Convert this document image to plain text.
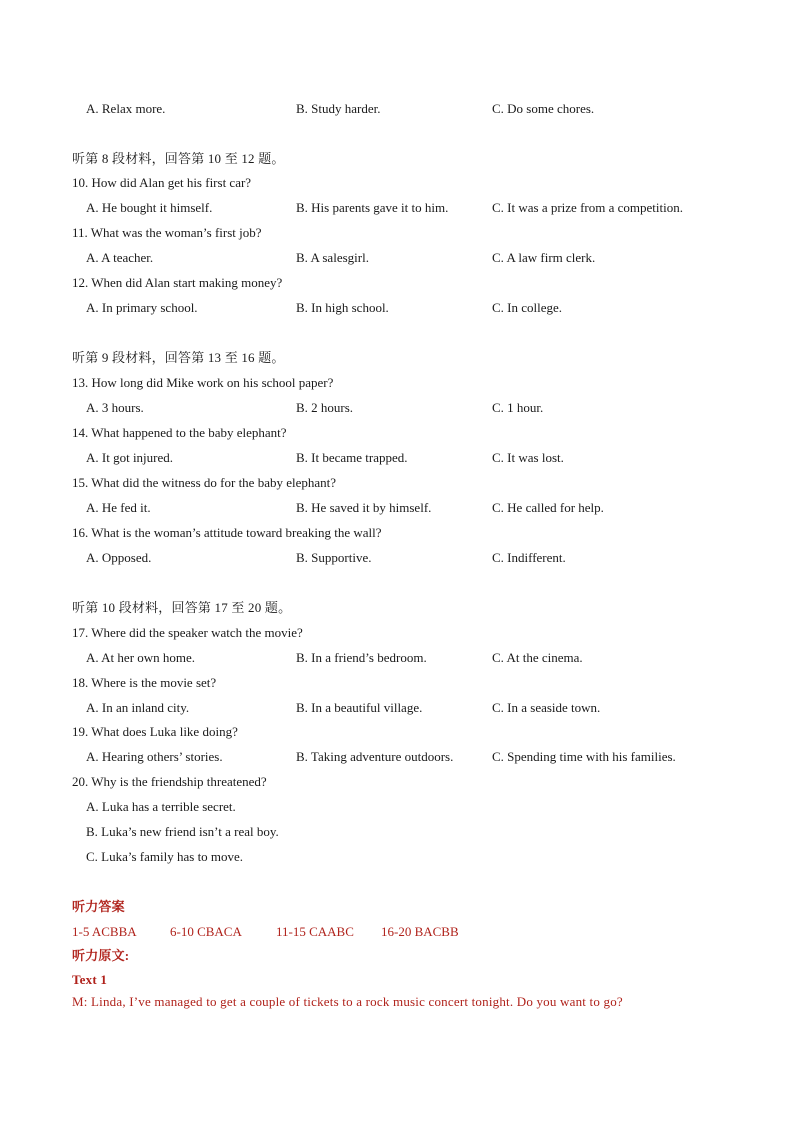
A. Relax more.	B. Study harder.	C. Do some chores.
听第 8 段材料，回答第 10 至 12 题。
10. How did Alan get his first car?
A. He bought it himself.	B. His parents gave it to him.	C. It was a prize from a competition.
11. What was the woman’s first job?
A. A teacher.	B. A salesgirl.	C. A law firm clerk.
12. When did Alan start making money?
A. In primary school.	B. In high school.	C. In college.
听第 9 段材料，回答第 13 至 16 题。
13. How long did Mike work on his school paper?
A. 3 hours.	B. 2 hours.	C. 1 hour.
14. What happened to the baby elephant?
A. It got injured.	B. It became trapped.	C. It was lost.
15. What did the witness do for the baby elephant?
A. He fed it.	B. He saved it by himself.	C. He called for help.
16. What is the woman’s attitude toward breaking the wall?
A. Opposed.	B. Supportive.	C. Indifferent.
听第 10 段材料，回答第 17 至 20 题。
17. Where did the speaker watch the movie?
A. At her own home.	B. In a friend’s bedroom.	C. At the cinema.
18. Where is the movie set?
A. In an inland city.	B. In a beautiful village.	C. In a seaside town.
19. What does Luka like doing?
A. Hearing others’ stories.	B. Taking adventure outdoors.	C. Spending time with his families.
20. Why is the friendship threatened?
A. Luka has a terrible secret.
B. Luka’s new friend isn’t a real boy.
C. Luka’s family has to move.
听力答案
1-5 ACBBA	6-10 CBACA	11-15 CAABC 16-20 BACBB
听力原文:
Text 1
M: Linda, I’ve managed to get a couple of tickets to a rock music concert tonight. Do you want to go?
